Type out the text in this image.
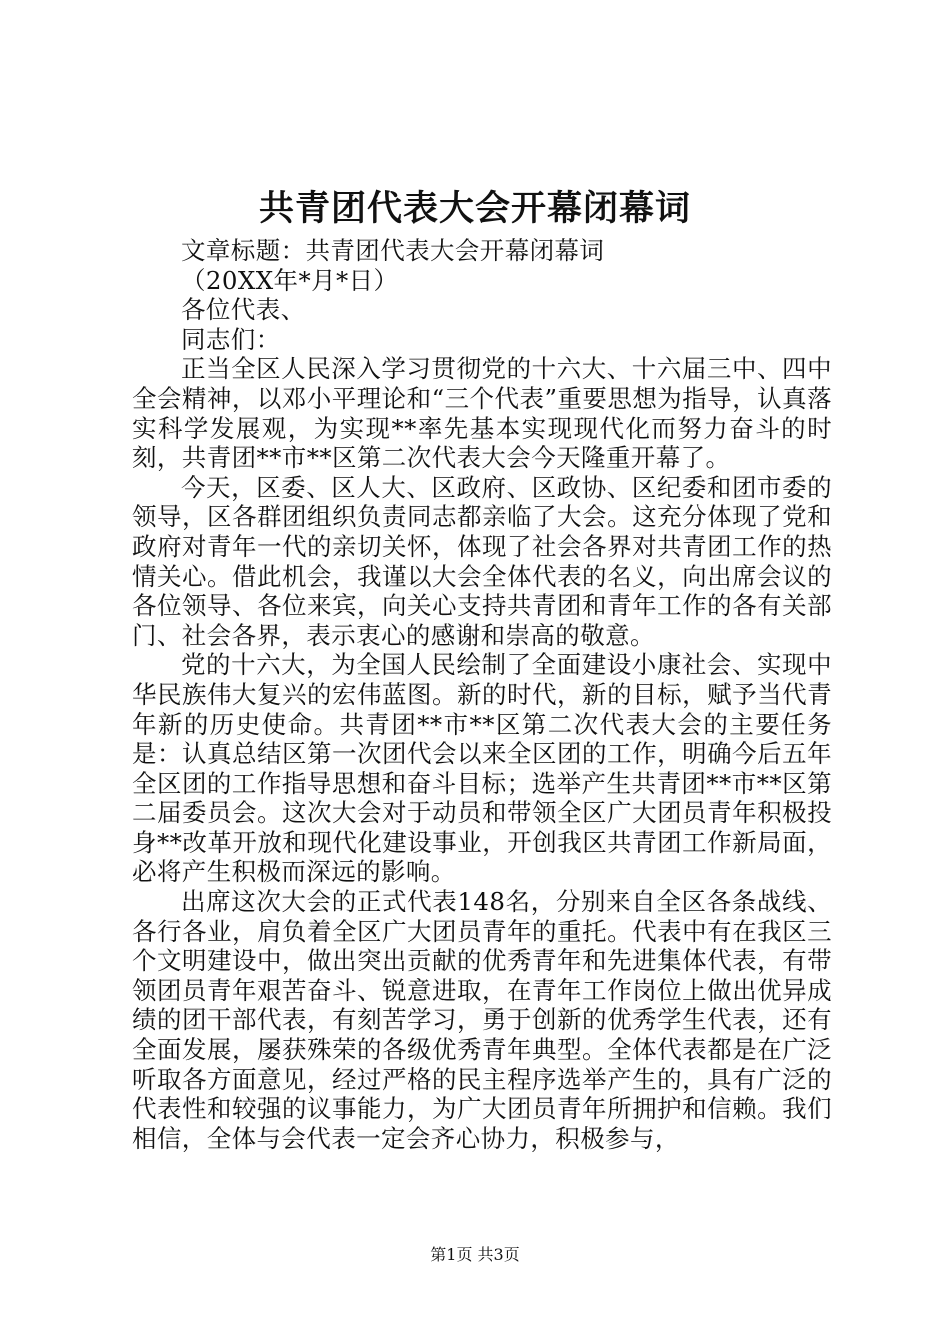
共青团代表大会开幕闭幕词

文章标题：共青团代表大会开幕闭幕词

（20XX年*月*日）

各位代表、

同志们：

正当全区人民深入学习贯彻党的十六大、十六届三中、四中全会精神，以邓小平理论和“三个代表”重要思想为指导，认真落实科学发展观，为实现**率先基本实现现代化而努力奋斗的时刻，共青团**市**区第二次代表大会今天隆重开幕了。

今天，区委、区人大、区政府、区政协、区纪委和团市委的领导，区各群团组织负责同志都亲临了大会。这充分体现了党和政府对青年一代的亲切关怀，体现了社会各界对共青团工作的热情关心。借此机会，我谨以大会全体代表的名义，向出席会议的各位领导、各位来宾，向关心支持共青团和青年工作的各有关部门、社会各界，表示衷心的感谢和崇高的敬意。

党的十六大，为全国人民绘制了全面建设小康社会、实现中华民族伟大复兴的宏伟蓝图。新的时代，新的目标，赋予当代青年新的历史使命。共青团**市**区第二次代表大会的主要任务是：认真总结区第一次团代会以来全区团的工作，明确今后五年全区团的工作指导思想和奋斗目标；选举产生共青团**市**区第二届委员会。这次大会对于动员和带领全区广大团员青年积极投身**改革开放和现代化建设事业，开创我区共青团工作新局面，必将产生积极而深远的影响。

出席这次大会的正式代表148名，分别来自全区各条战线、各行各业，肩负着全区广大团员青年的重托。代表中有在我区三个文明建设中，做出突出贡献的优秀青年和先进集体代表，有带领团员青年艰苦奋斗、锐意进取，在青年工作岗位上做出优异成绩的团干部代表，有刻苦学习，勇于创新的优秀学生代表，还有全面发展，屡获殊荣的各级优秀青年典型。全体代表都是在广泛听取各方面意见，经过严格的民主程序选举产生的，具有广泛的代表性和较强的议事能力，为广大团员青年所拥护和信赖。我们相信，全体与会代表一定会齐心协力，积极参与，

第1页 共3页
